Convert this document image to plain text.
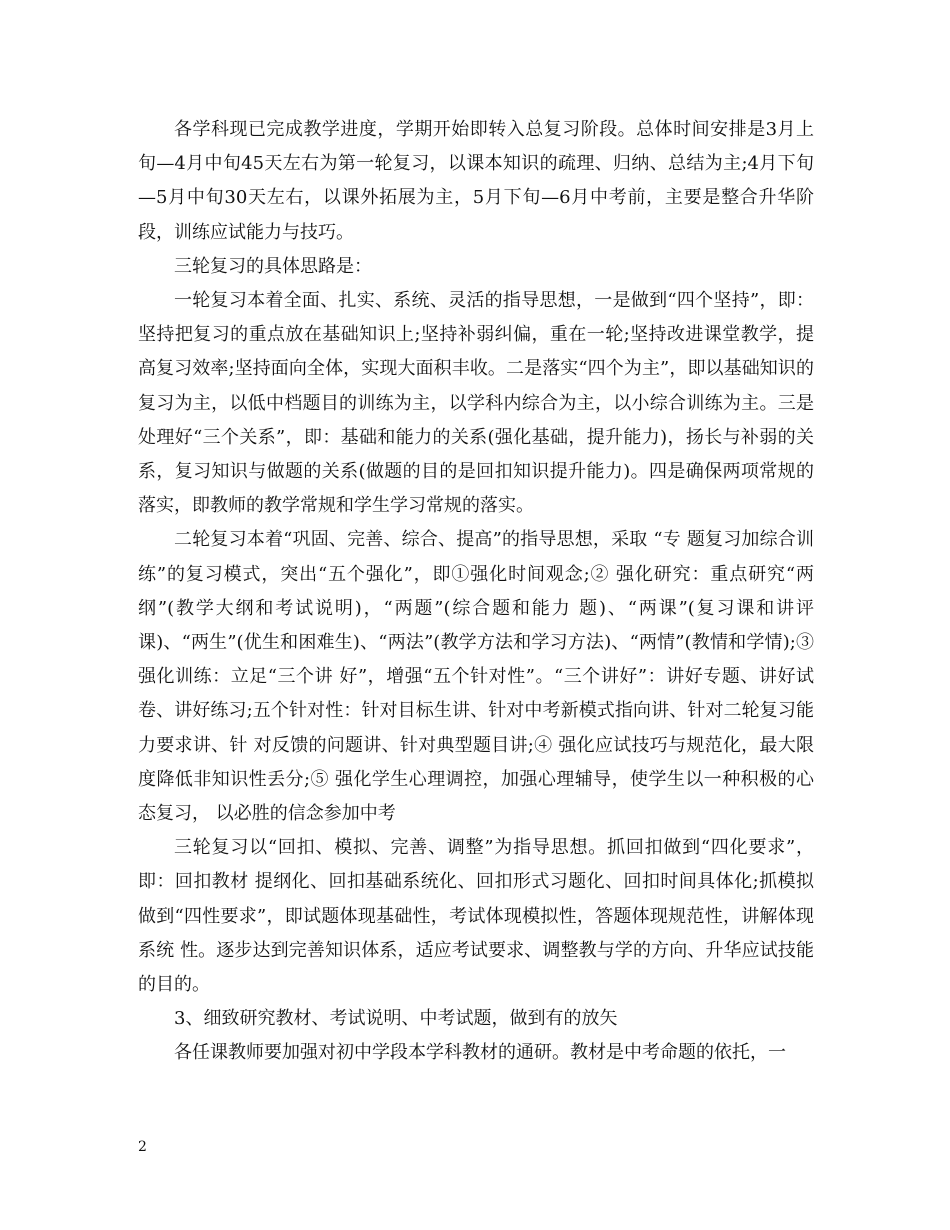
各学科现已完成教学进度，学期开始即转入总复习阶段。总体时间安排是3月上旬—4月中旬45天左右为第一轮复习，以课本知识的疏理、归纳、总结为主;4月下旬—5月中旬30天左右，以课外拓展为主，5月下旬—6月中考前，主要是整合升华阶段，训练应试能力与技巧。

三轮复习的具体思路是：

一轮复习本着全面、扎实、系统、灵活的指导思想，一是做到“四个坚持”，即：坚持把复习的重点放在基础知识上;坚持补弱纠偏，重在一轮;坚持改进课堂教学，提高复习效率;坚持面向全体，实现大面积丰收。二是落实“四个为主”，即以基础知识的复习为主，以低中档题目的训练为主，以学科内综合为主，以小综合训练为主。三是处理好“三个关系”，即：基础和能力的关系(强化基础，提升能力)，扬长与补弱的关系，复习知识与做题的关系(做题的目的是回扣知识提升能力)。四是确保两项常规的落实，即教师的教学常规和学生学习常规的落实。

二轮复习本着“巩固、完善、综合、提高”的指导思想，采取 “专 题复习加综合训练”的复习模式，突出“五个强化”，即①强化时间观念;② 强化研究：重点研究“两纲”(教学大纲和考试说明)，“两题”(综合题和能力 题)、“两课”(复习课和讲评课)、“两生”(优生和困难生)、“两法”(教学方法和学习方法)、“两情”(教情和学情);③ 强化训练：立足“三个讲 好”，增强“五个针对性”。“三个讲好”：讲好专题、讲好试卷、讲好练习;五个针对性：针对目标生讲、针对中考新模式指向讲、针对二轮复习能力要求讲、针 对反馈的问题讲、针对典型题目讲;④ 强化应试技巧与规范化，最大限度降低非知识性丢分;⑤ 强化学生心理调控，加强心理辅导，使学生以一种积极的心态复习， 以必胜的信念参加中考

三轮复习以“回扣、模拟、完善、调整”为指导思想。抓回扣做到“四化要求”，即：回扣教材 提纲化、回扣基础系统化、回扣形式习题化、回扣时间具体化;抓模拟做到“四性要求”，即试题体现基础性，考试体现模拟性，答题体现规范性，讲解体现系统 性。逐步达到完善知识体系，适应考试要求、调整教与学的方向、升华应试技能的目的。

3、细致研究教材、考试说明、中考试题，做到有的放矢

各任课教师要加强对初中学段本学科教材的通研。教材是中考命题的依托，一

2
